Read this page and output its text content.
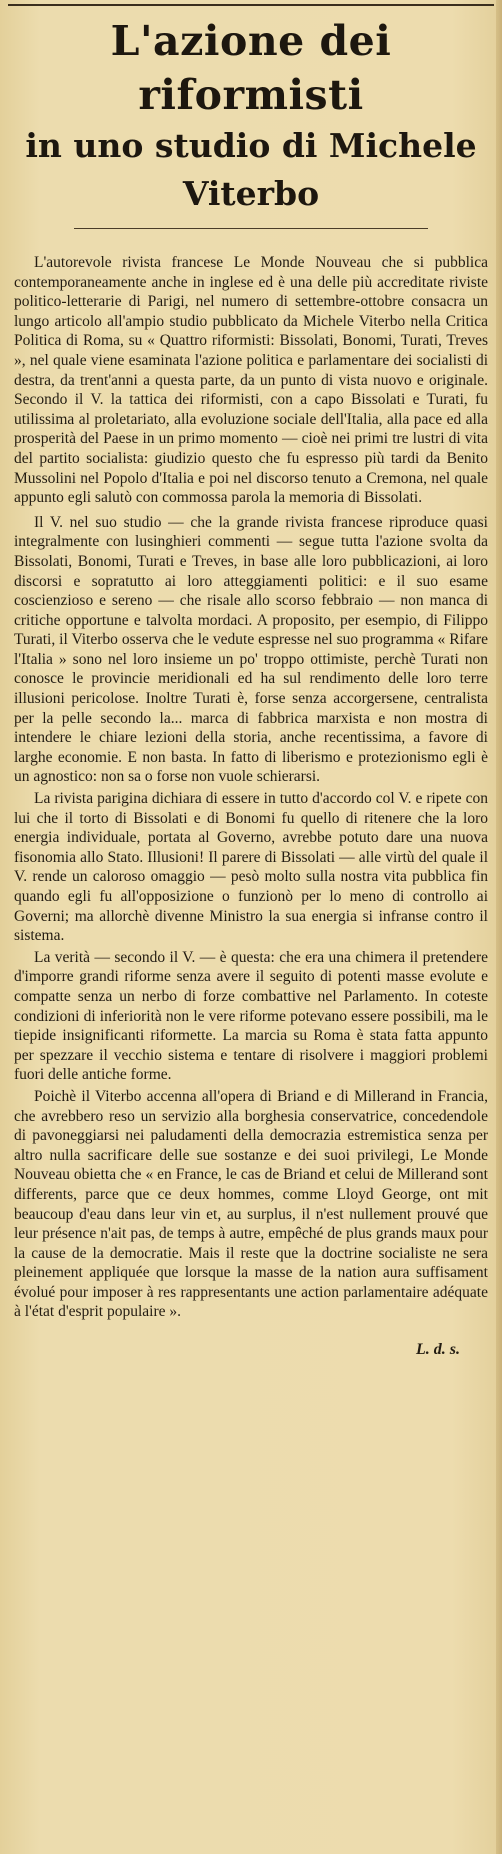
L'azione dei riformisti
in uno studio di Michele Viterbo

L'autorevole rivista francese Le Monde Nouveau che si pubblica contemporaneamente anche in inglese ed è una delle più accreditate riviste politico-letterarie di Parigi, nel numero di settembre-ottobre consacra un lungo articolo all'ampio studio pubblicato da Michele Viterbo nella Critica Politica di Roma, su « Quattro riformisti: Bissolati, Bonomi, Turati, Treves », nel quale viene esaminata l'azione politica e parlamentare dei socialisti di destra, da trent'anni a questa parte, da un punto di vista nuovo e originale. Secondo il V. la tattica dei riformisti, con a capo Bissolati e Turati, fu utilissima al proletariato, alla evoluzione sociale dell'Italia, alla pace ed alla prosperità del Paese in un primo momento — cioè nei primi tre lustri di vita del partito socialista: giudizio questo che fu espresso più tardi da Benito Mussolini nel Popolo d'Italia e poi nel discorso tenuto a Cremona, nel quale appunto egli salutò con commossa parola la memoria di Bissolati.

Il V. nel suo studio — che la grande rivista francese riproduce quasi integralmente con lusinghieri commenti — segue tutta l'azione svolta da Bissolati, Bonomi, Turati e Treves, in base alle loro pubblicazioni, ai loro discorsi e sopratutto ai loro atteggiamenti politici: e il suo esame coscienzioso e sereno — che risale allo scorso febbraio — non manca di critiche opportune e talvolta mordaci. A proposito, per esempio, di Filippo Turati, il Viterbo osserva che le vedute espresse nel suo programma « Rifare l'Italia » sono nel loro insieme un po' troppo ottimiste, perchè Turati non conosce le provincie meridionali ed ha sul rendimento delle loro terre illusioni pericolose. Inoltre Turati è, forse senza accorgersene, centralista per la pelle secondo la... marca di fabbrica marxista e non mostra di intendere le chiare lezioni della storia, anche recentissima, a favore di larghe economie. E non basta. In fatto di liberismo e protezionismo egli è un agnostico: non sa o forse non vuole schierarsi.

La rivista parigina dichiara di essere in tutto d'accordo col V. e ripete con lui che il torto di Bissolati e di Bonomi fu quello di ritenere che la loro energia individuale, portata al Governo, avrebbe potuto dare una nuova fisonomia allo Stato. Illusioni! Il parere di Bissolati — alle virtù del quale il V. rende un caloroso omaggio — pesò molto sulla nostra vita pubblica fin quando egli fu all'opposizione o funzionò per lo meno di controllo ai Governi; ma allorchè divenne Ministro la sua energia si infranse contro il sistema.

La verità — secondo il V. — è questa: che era una chimera il pretendere d'imporre grandi riforme senza avere il seguito di potenti masse evolute e compatte senza un nerbo di forze combattive nel Parlamento. In coteste condizioni di inferiorità non le vere riforme potevano essere possibili, ma le tiepide insignificanti riformette. La marcia su Roma è stata fatta appunto per spezzare il vecchio sistema e tentare di risolvere i maggiori problemi fuori delle antiche forme.

Poichè il Viterbo accenna all'opera di Briand e di Millerand in Francia, che avrebbero reso un servizio alla borghesia conservatrice, concedendole di pavoneggiarsi nei paludamenti della democrazia estremistica senza per altro nulla sacrificare delle sue sostanze e dei suoi privilegi, Le Monde Nouveau obietta che « en France, le cas de Briand et celui de Millerand sont differents, parce que ce deux hommes, comme Lloyd George, ont mit beaucoup d'eau dans leur vin et, au surplus, il n'est nullement prouvé que leur présence n'ait pas, de temps à autre, empêché de plus grands maux pour la cause de la democratie. Mais il reste que la doctrine socialiste ne sera pleinement appliquée que lorsque la masse de la nation aura suffisament évolué pour imposer à res rappresentants une action parlamentaire adéquate à l'état d'esprit populaire ».

L. d. s.
